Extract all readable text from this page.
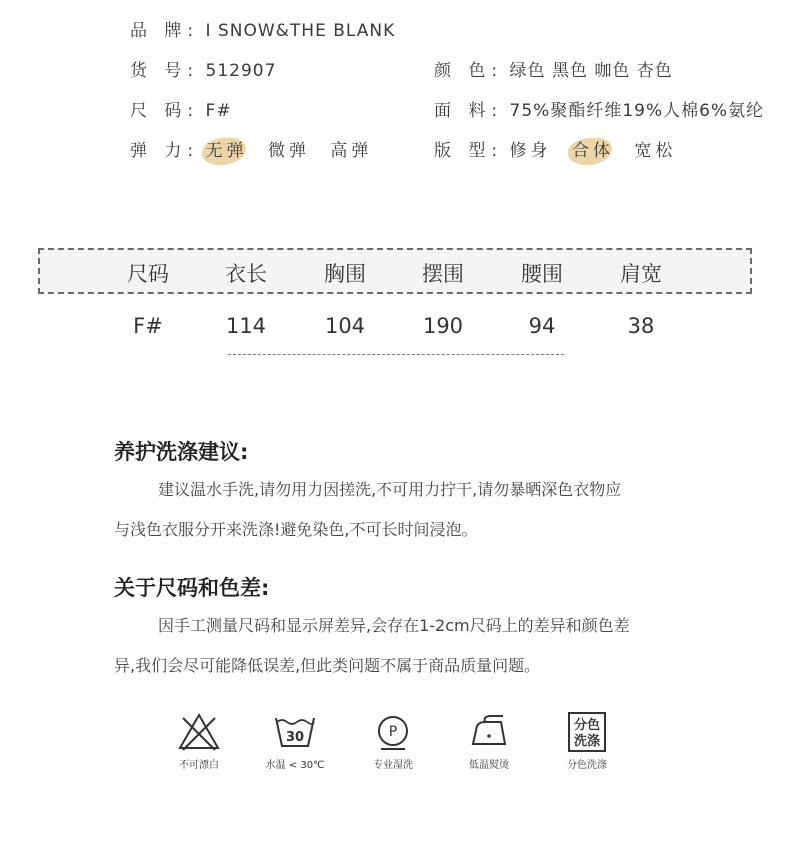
品 牌: I SNOW&THE BLANK
货 号: 512907	颜 色: 绿色 黑色 咖色 杏色
尺 码: F#	面 料: 75%聚酯纤维19%人棉6%氨纶
弹 力: 无弹 微弹 高弹	版 型: 修身 合体 宽松
尺码	衣长	胸围	摆围	腰围	肩宽
F#	114	104	190	94	38
养护洗涤建议:
建议温水手洗,请勿用力因搓洗,不可用力拧干,请勿暴晒深色衣物应
与浅色衣服分开来洗涤!避免染色,不可长时间浸泡。
关于尺码和色差:
因手工测量尺码和显示屏差异,会存在1-2cm尺码上的差异和颜色差
异,我们会尽可能降低误差,但此类问题不属于商品质量问题。
不可漂白
30
水温 < 30℃
P
专业湿洗	低温熨烫
分色
洗涤
分色洗涤
